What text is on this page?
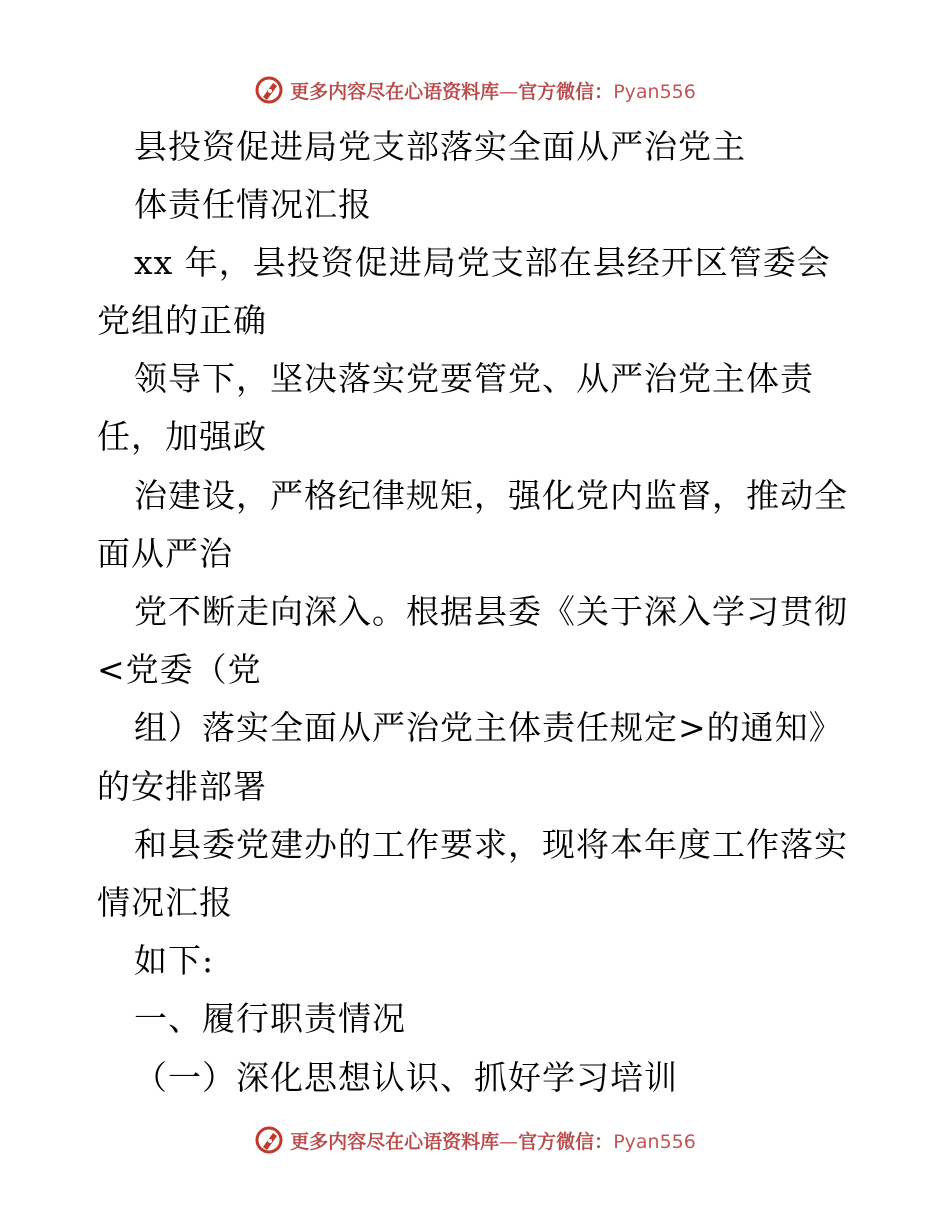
更多内容尽在心语资料库—官方微信：Pyan556
县投资促进局党支部落实全面从严治党主
体责任情况汇报
xx 年，县投资促进局党支部在县经开区管委会
党组的正确
领导下，坚决落实党要管党、从严治党主体责
任，加强政
治建设，严格纪律规矩，强化党内监督，推动全
面从严治
党不断走向深入。根据县委《关于深入学习贯彻
<党委（党
组）落实全面从严治党主体责任规定>的通知》
的安排部署
和县委党建办的工作要求，现将本年度工作落实
情况汇报
如下:
一、履行职责情况
（一）深化思想认识、抓好学习培训
更多内容尽在心语资料库—官方微信：Pyan556
